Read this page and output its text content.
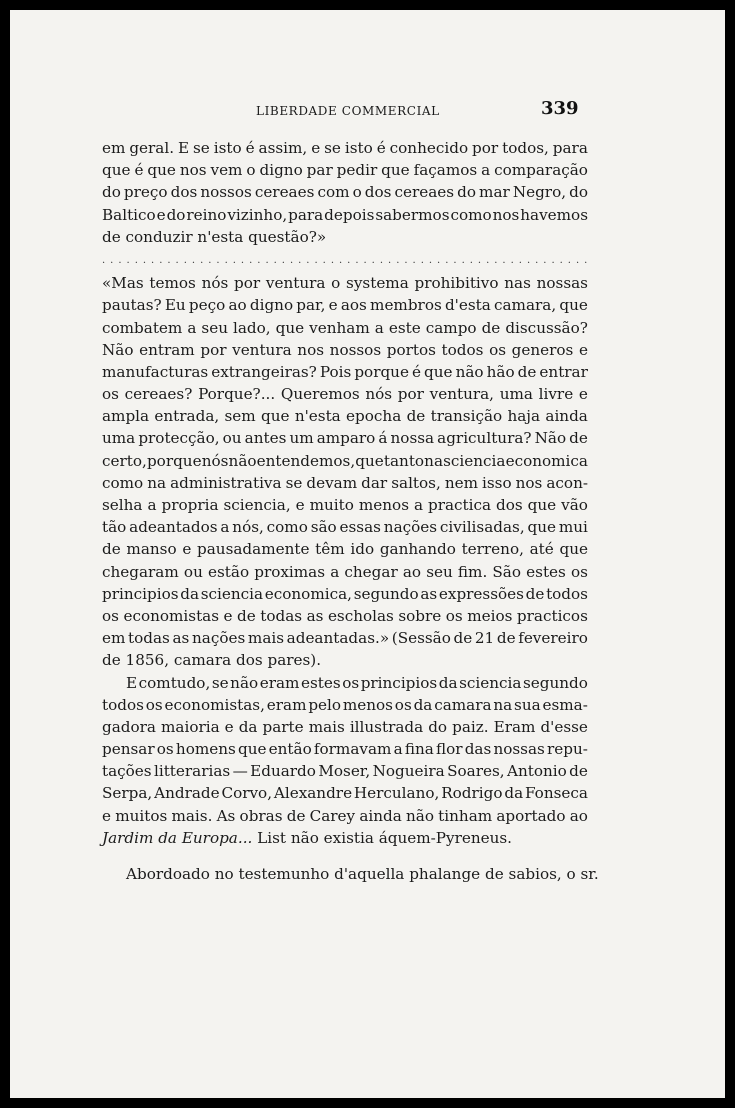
LIBERDADE COMMERCIAL	339
em geral. E se isto é assim, e se isto é conhecido por todos, para
que é que nos vem o digno par pedir que façamos a comparação
do preço dos nossos cereaes com o dos cereaes do mar Negro, do
Baltico e do reino vizinho, para depois sabermos como nos havemos
de conduzir n'esta questão?»
. . . . . . . . . . . . . . . . . . . . . . . . . . . . . . . . . . . . . . . . . . . . . . . . . . . . . . . . . . . .
«Mas temos nós por ventura o systema prohibitivo nas nossas
pautas? Eu peço ao digno par, e aos membros d'esta camara, que
combatem a seu lado, que venham a este campo de discussão?
Não entram por ventura nos nossos portos todos os generos e
manufacturas extrangeiras? Pois porque é que não hão de entrar
os cereaes? Porque?... Queremos nós por ventura, uma livre e
ampla entrada, sem que n'esta epocha de transição haja ainda
uma protecção, ou antes um amparo á nossa agricultura? Não de
certo, porque nós não entendemos, que tanto na sciencia economica
como na administrativa se devam dar saltos, nem isso nos acon-
selha a propria sciencia, e muito menos a practica dos que vão
tão adeantados a nós, como são essas nações civilisadas, que mui
de manso e pausadamente têm ido ganhando terreno, até que
chegaram ou estão proximas a chegar ao seu fim. São estes os
principios da sciencia economica, segundo as expressões de todos
os economistas e de todas as escholas sobre os meios practicos
em todas as nações mais adeantadas.» (Sessão de 21 de fevereiro
de 1856, camara dos pares).
E comtudo, se não eram estes os principios da sciencia segundo
todos os economistas, eram pelo menos os da camara na sua esma-
gadora maioria e da parte mais illustrada do paiz. Eram d'esse
pensar os homens que então formavam a fina flor das nossas repu-
tações litterarias — Eduardo Moser, Nogueira Soares, Antonio de
Serpa, Andrade Corvo, Alexandre Herculano, Rodrigo da Fonseca
e muitos mais. As obras de Carey ainda não tinham aportado ao
Jardim da Europa... List não existia áquem-Pyreneus.
Abordoado no testemunho d'aquella phalange de sabios, o sr.
